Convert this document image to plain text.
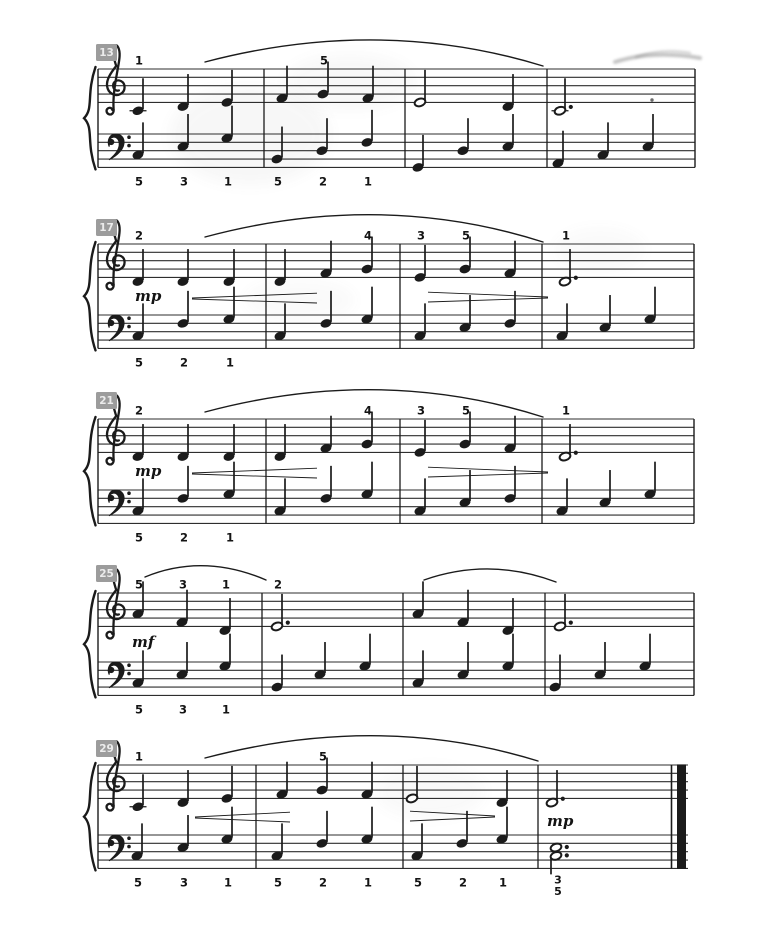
1	5
5	3	1	5	2	1
13
2	4	3	5	1
5	2	1
mp
17
2	4	3	5	1
5	2	1
mp
21
5	3	1	2
5	3	1
mf
25
1	5
5	3	1	5	2	1	5	2	1	3
5
mp
29
